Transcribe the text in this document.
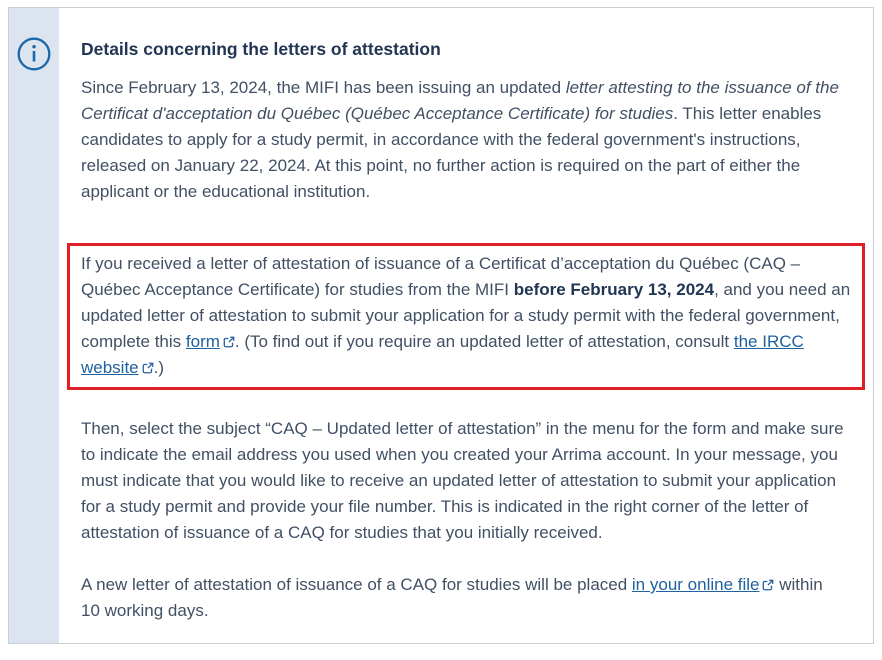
Details concerning the letters of attestation

Since February 13, 2024, the MIFI has been issuing an updated letter attesting to the issuance of the Certificat d'acceptation du Québec (Québec Acceptance Certificate) for studies. This letter enables candidates to apply for a study permit, in accordance with the federal government's instructions, released on January 22, 2024. At this point, no further action is required on the part of either the applicant or the educational institution.

If you received a letter of attestation of issuance of a Certificat d’acceptation du Québec (CAQ – Québec Acceptance Certificate) for studies from the MIFI before February 13, 2024, and you need an updated letter of attestation to submit your application for a study permit with the federal government, complete this form . (To find out if you require an updated letter of attestation, consult the IRCC website .)

Then, select the subject “CAQ – Updated letter of attestation” in the menu for the form and make sure to indicate the email address you used when you created your Arrima account. In your message, you must indicate that you would like to receive an updated letter of attestation to submit your application for a study permit and provide your file number. This is indicated in the right corner of the letter of attestation of issuance of a CAQ for studies that you initially received.

A new letter of attestation of issuance of a CAQ for studies will be placed in your online file within 10 working days.
